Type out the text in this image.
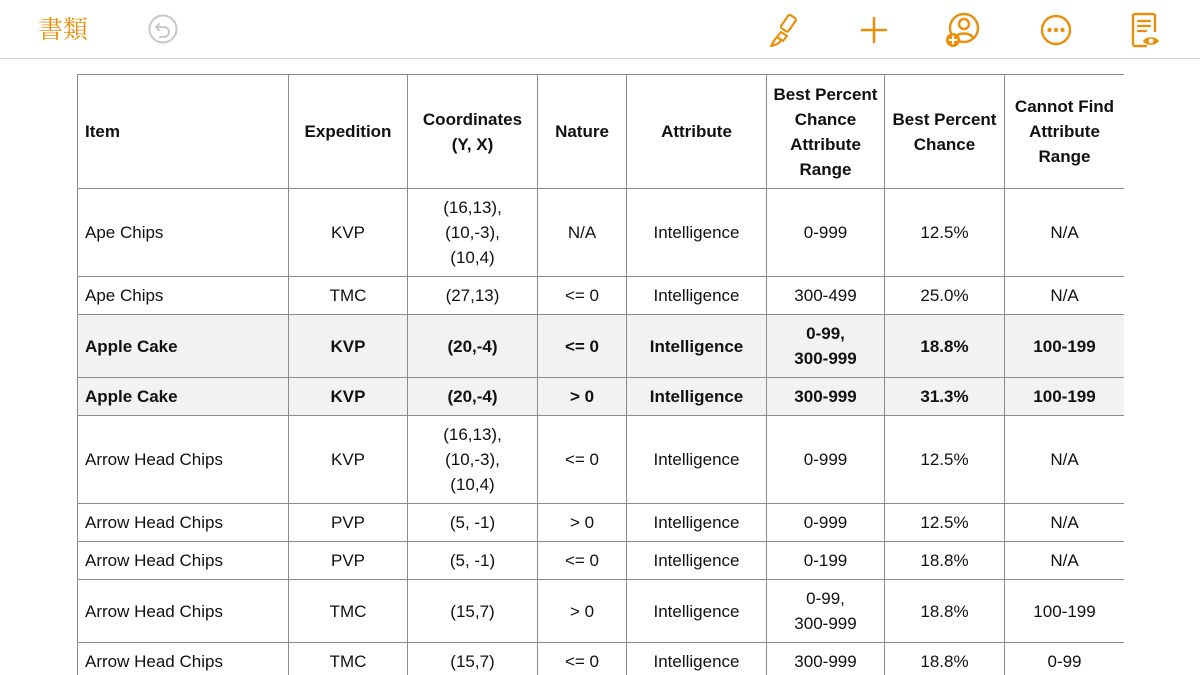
書類
Item	Expedition	Coordinates (Y, X)	Nature	Attribute	Best Percent Chance Attribute Range	Best Percent Chance	Cannot Find Attribute Range
Ape Chips	KVP	(16,13),
(10,-3),
(10,4)	N/A	Intelligence	0-999	12.5%	N/A
Ape Chips	TMC	(27,13)	<= 0	Intelligence	300-499	25.0%	N/A
Apple Cake	KVP	(20,-4)	<= 0	Intelligence	0-99,
300-999	18.8%	100-199
Apple Cake	KVP	(20,-4)	> 0	Intelligence	300-999	31.3%	100-199
Arrow Head Chips	KVP	(16,13),
(10,-3),
(10,4)	<= 0	Intelligence	0-999	12.5%	N/A
Arrow Head Chips	PVP	(5, -1)	> 0	Intelligence	0-999	12.5%	N/A
Arrow Head Chips	PVP	(5, -1)	<= 0	Intelligence	0-199	18.8%	N/A
Arrow Head Chips	TMC	(15,7)	> 0	Intelligence	0-99,
300-999	18.8%	100-199
Arrow Head Chips	TMC	(15,7)	<= 0	Intelligence	300-999	18.8%	0-99
